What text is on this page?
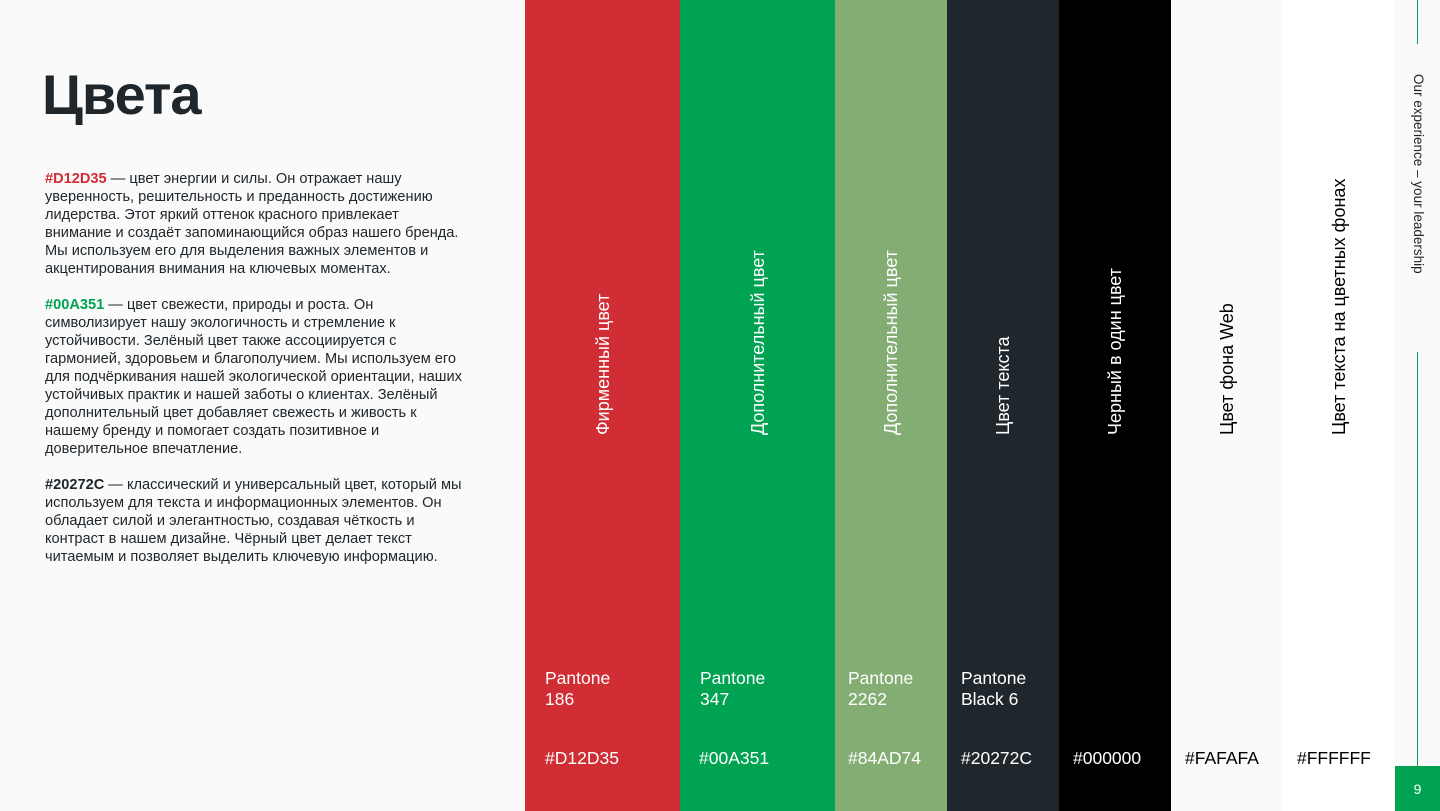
Цвета

#D12D35 — цвет энергии и силы. Он отражает нашу уверенность, решительность и преданность достижению лидерства. Этот яркий оттенок красного привлекает внимание и создаёт запоминающийся образ нашего бренда. Мы используем его для выделения важных элементов и акцентирования внимания на ключевых моментах.

#00A351 — цвет свежести, природы и роста. Он символизирует нашу экологичность и стремление к устойчивости. Зелёный цвет также ассоциируется с гармонией, здоровьем и благополучием. Мы используем его для подчёркивания нашей экологической ориентации, наших устойчивых практик и нашей заботы о клиентах. Зелёный дополнительный цвет добавляет свежесть и живость к нашему бренду и помогает создать позитивное и доверительное впечатление.

#20272C — классический и универсальный цвет, который мы используем для текста и информационных элементов. Он обладает силой и элегантностью, создавая чёткость и контраст в нашем дизайне. Чёрный цвет делает текст читаемым и позволяет выделить ключевую информацию.

Фирменный цвет
Pantone
186
#D12D35
Дополнительный цвет
Pantone
347
#00A351
Дополнительный цвет
Pantone
2262
#84AD74
Цвет текста
Pantone
Black 6
#20272C
Черный в один цвет
#000000
Цвет фона Web
#FAFAFA
Цвет текста на цветных фонах
#FFFFFF
Our experience – your leadership
9
